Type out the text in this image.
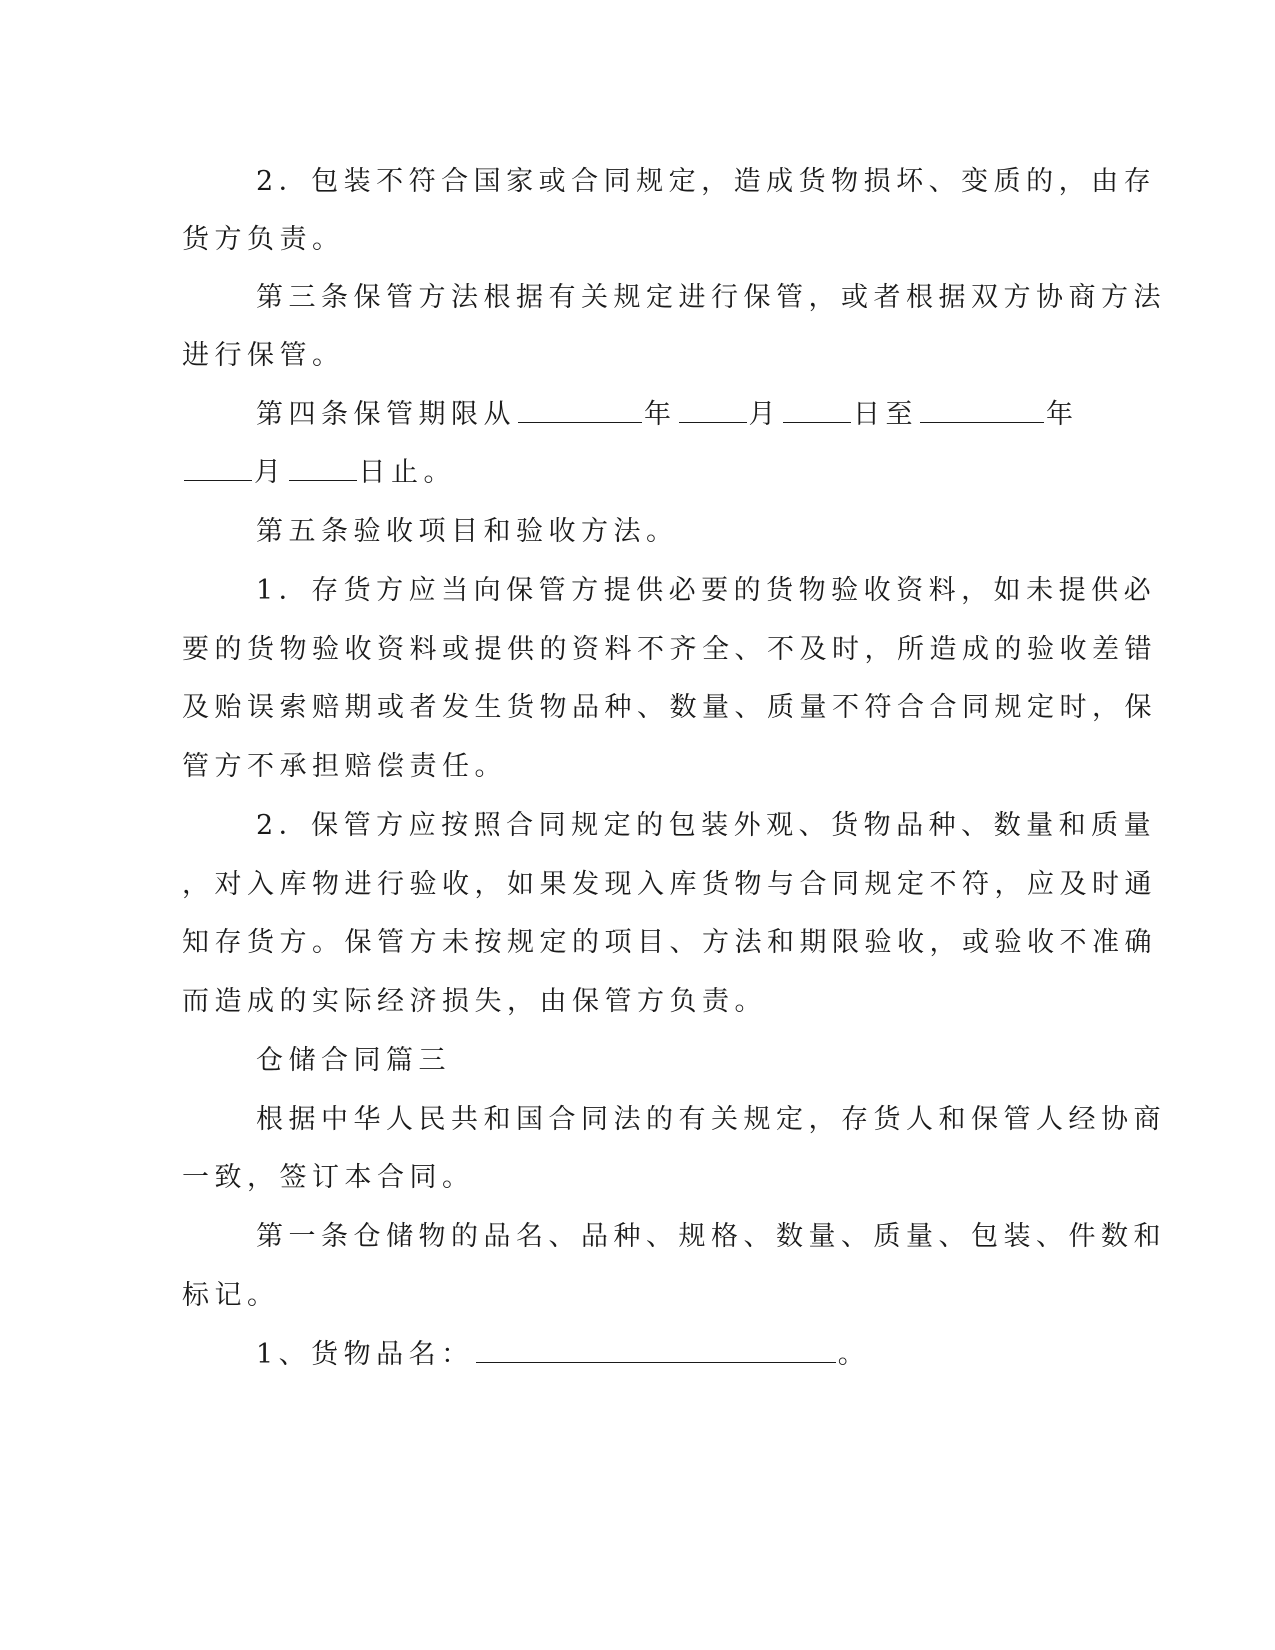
2．包装不符合国家或合同规定，造成货物损坏、变质的，由存
货方负责。
第三条保管方法根据有关规定进行保管，或者根据双方协商方法
进行保管。
第四条保管期限从	年	月	日至	年
月	日止。
第五条验收项目和验收方法。
1．存货方应当向保管方提供必要的货物验收资料，如未提供必
要的货物验收资料或提供的资料不齐全、不及时，所造成的验收差错
及贻误索赔期或者发生货物品种、数量、质量不符合合同规定时，保
管方不承担赔偿责任。
2．保管方应按照合同规定的包装外观、货物品种、数量和质量
，对入库物进行验收，如果发现入库货物与合同规定不符，应及时通
知存货方。保管方未按规定的项目、方法和期限验收，或验收不准确
而造成的实际经济损失，由保管方负责。
仓储合同篇三
根据中华人民共和国合同法的有关规定，存货人和保管人经协商
一致，签订本合同。
第一条仓储物的品名、品种、规格、数量、质量、包装、件数和
标记。
1、货物品名：	。
